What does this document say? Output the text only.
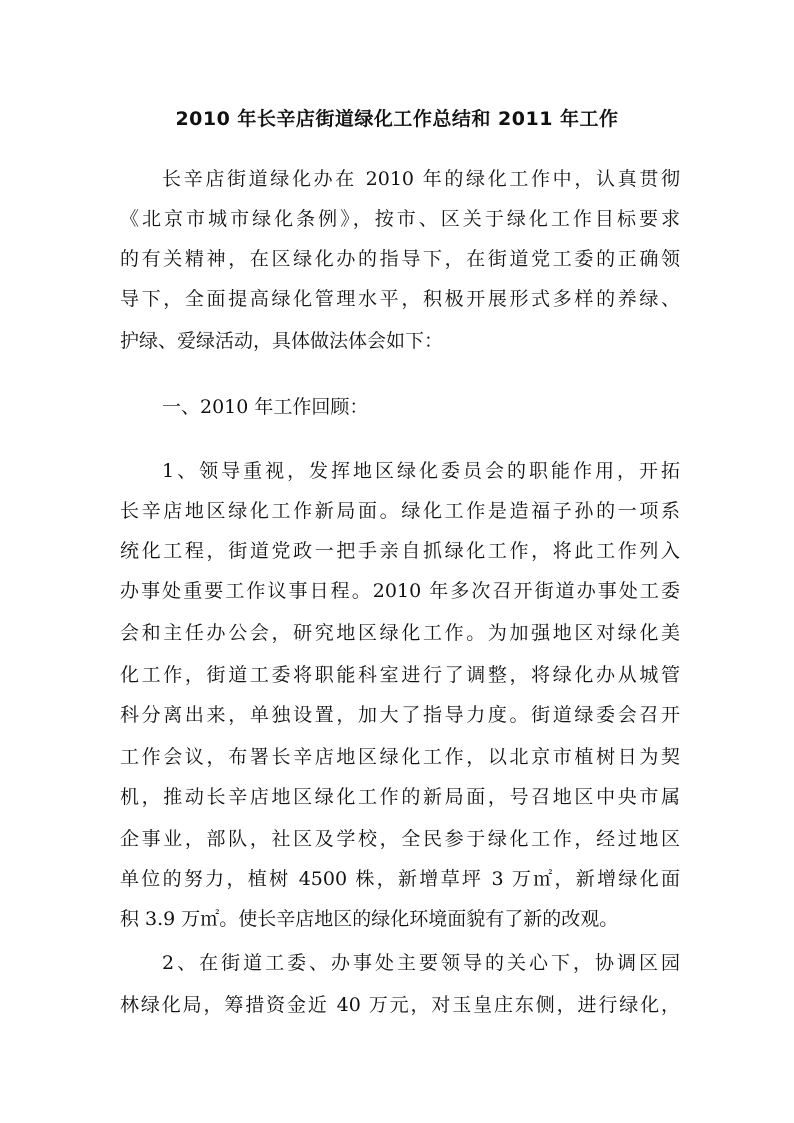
2010 年长辛店街道绿化工作总结和 2011 年工作
长辛店街道绿化办在 2010 年的绿化工作中，认真贯彻
《北京市城市绿化条例》，按市、区关于绿化工作目标要求
的有关精神，在区绿化办的指导下，在街道党工委的正确领
导下，全面提高绿化管理水平，积极开展形式多样的养绿、
护绿、爱绿活动，具体做法体会如下：
一、2010 年工作回顾：
1、领导重视，发挥地区绿化委员会的职能作用，开拓
长辛店地区绿化工作新局面。绿化工作是造福子孙的一项系
统化工程，街道党政一把手亲自抓绿化工作，将此工作列入
办事处重要工作议事日程。2010 年多次召开街道办事处工委
会和主任办公会，研究地区绿化工作。为加强地区对绿化美
化工作，街道工委将职能科室进行了调整，将绿化办从城管
科分离出来，单独设置，加大了指导力度。街道绿委会召开
工作会议，布署长辛店地区绿化工作，以北京市植树日为契
机，推动长辛店地区绿化工作的新局面，号召地区中央市属
企事业，部队，社区及学校，全民参于绿化工作，经过地区
单位的努力，植树 4500 株，新增草坪 3 万㎡，新增绿化面
积 3.9 万㎡。使长辛店地区的绿化环境面貌有了新的改观。
2、在街道工委、办事处主要领导的关心下，协调区园
林绿化局，筹措资金近 40 万元，对玉皇庄东侧，进行绿化，
